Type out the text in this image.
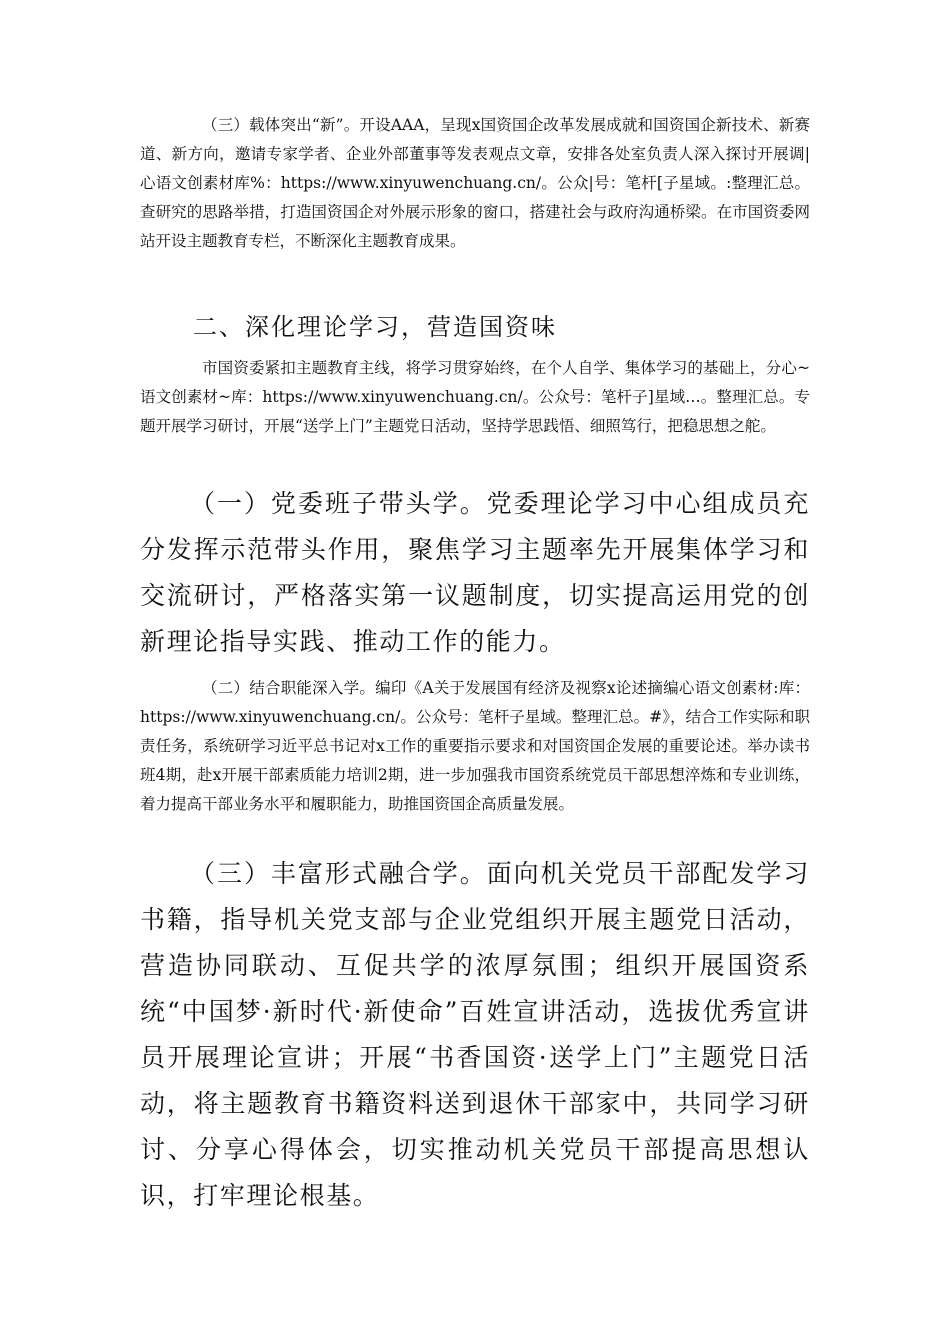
（三）载体突出“新”。开设AAA，呈现x国资国企改革发展成就和国资国企新技术、新赛道、新方向，邀请专家学者、企业外部董事等发表观点文章，安排各处室负责人深入探讨开展调|心语文创素材库%：https://www.xinyuwenchuang.cn/。公众|号：笔杆[子星域。:整理汇总。查研究的思路举措，打造国资国企对外展示形象的窗口，搭建社会与政府沟通桥梁。在市国资委网站开设主题教育专栏，不断深化主题教育成果。

二、深化理论学习，营造国资味

市国资委紧扣主题教育主线，将学习贯穿始终，在个人自学、集体学习的基础上，分心~语文创素材~库：https://www.xinyuwenchuang.cn/。公众号：笔杆子]星域…。整理汇总。专题开展学习研讨，开展“送学上门”主题党日活动，坚持学思践悟、细照笃行，把稳思想之舵。

（一）党委班子带头学。党委理论学习中心组成员充分发挥示范带头作用，聚焦学习主题率先开展集体学习和交流研讨，严格落实第一议题制度，切实提高运用党的创新理论指导实践、推动工作的能力。

（二）结合职能深入学。编印《A关于发展国有经济及视察x论述摘编心语文创素材:库：https://www.xinyuwenchuang.cn/。公众号：笔杆子星域。整理汇总。#》，结合工作实际和职责任务，系统研学习近平总书记对x工作的重要指示要求和对国资国企发展的重要论述。举办读书班4期，赴x开展干部素质能力培训2期，进一步加强我市国资系统党员干部思想淬炼和专业训练，着力提高干部业务水平和履职能力，助推国资国企高质量发展。

（三）丰富形式融合学。面向机关党员干部配发学习书籍，指导机关党支部与企业党组织开展主题党日活动，营造协同联动、互促共学的浓厚氛围；组织开展国资系统“中国梦·新时代·新使命”百姓宣讲活动，选拔优秀宣讲员开展理论宣讲；开展“书香国资·送学上门”主题党日活动，将主题教育书籍资料送到退休干部家中，共同学习研讨、分享心得体会，切实推动机关党员干部提高思想认识，打牢理论根基。
